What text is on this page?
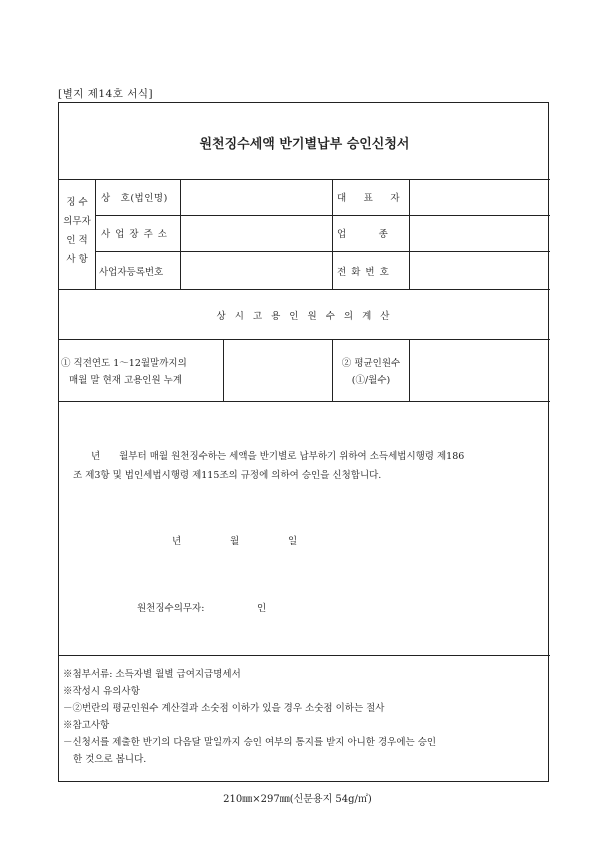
[별지 제14호 서식]
원천징수세액 반기별납부 승인신청서
징 수
의무자
인 적
사 항
상　호(법인명)	대　표　자
사 업 장 주 소	업　　　종
사업자등록번호	전 화 번 호
상 시 고 용 인 원 수 의 계 산
① 직전연도 1～12월말까지의
매월 말 현재 고용인원 누계
② 평균인원수
(①/월수)
년　　월부터 매월 원천징수하는 세액을 반기별로 납부하기 위하여 소득세법시행령 제186
조 제3항 및 법인세법시행령 제115조의 규정에 의하여 승인을 신청합니다.
년	월	일
원천징수의무자:	인
※첨부서류: 소득자별 월별 급여지급명세서
※작성시 유의사항
－②번란의 평균인원수 계산결과 소숫점 이하가 있을 경우 소숫점 이하는 절사
※참고사항
－신청서를 제출한 반기의 다음달 말일까지 승인 여부의 통지를 받지 아니한 경우에는 승인
한 것으로 봅니다.
210㎜×297㎜(신문용지 54g/㎡)
